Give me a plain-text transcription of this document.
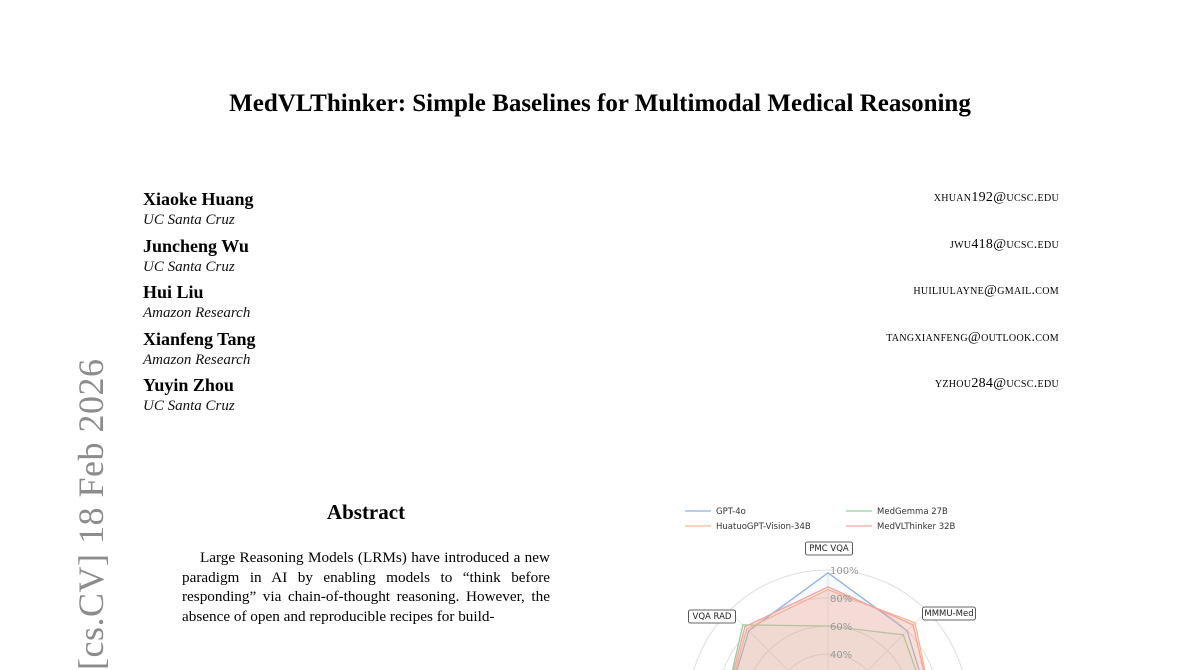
[cs.CV] 18 Feb 2026
MedVLThinker: Simple Baselines for Multimodal Medical Reasoning
Xiaoke Huang
UC Santa Cruz
xhuan192@ucsc.edu
Juncheng Wu
UC Santa Cruz
jwu418@ucsc.edu
Hui Liu
Amazon Research
huiliulayne@gmail.com
Xianfeng Tang
Amazon Research
tangxianfeng@outlook.com
Yuyin Zhou
UC Santa Cruz
yzhou284@ucsc.edu
Abstract

Large Reasoning Models (LRMs) have introduced a new paradigm in AI by enabling models to “think before responding” via chain-of-thought reasoning. However, the absence of open and reproducible recipes for build-

100%
80%
60%
40%
PMC VQA
MMMU-Med
VQA RAD
GPT-4o	MedGemma 27B
HuatuoGPT-Vision-34B	MedVLThinker 32B
